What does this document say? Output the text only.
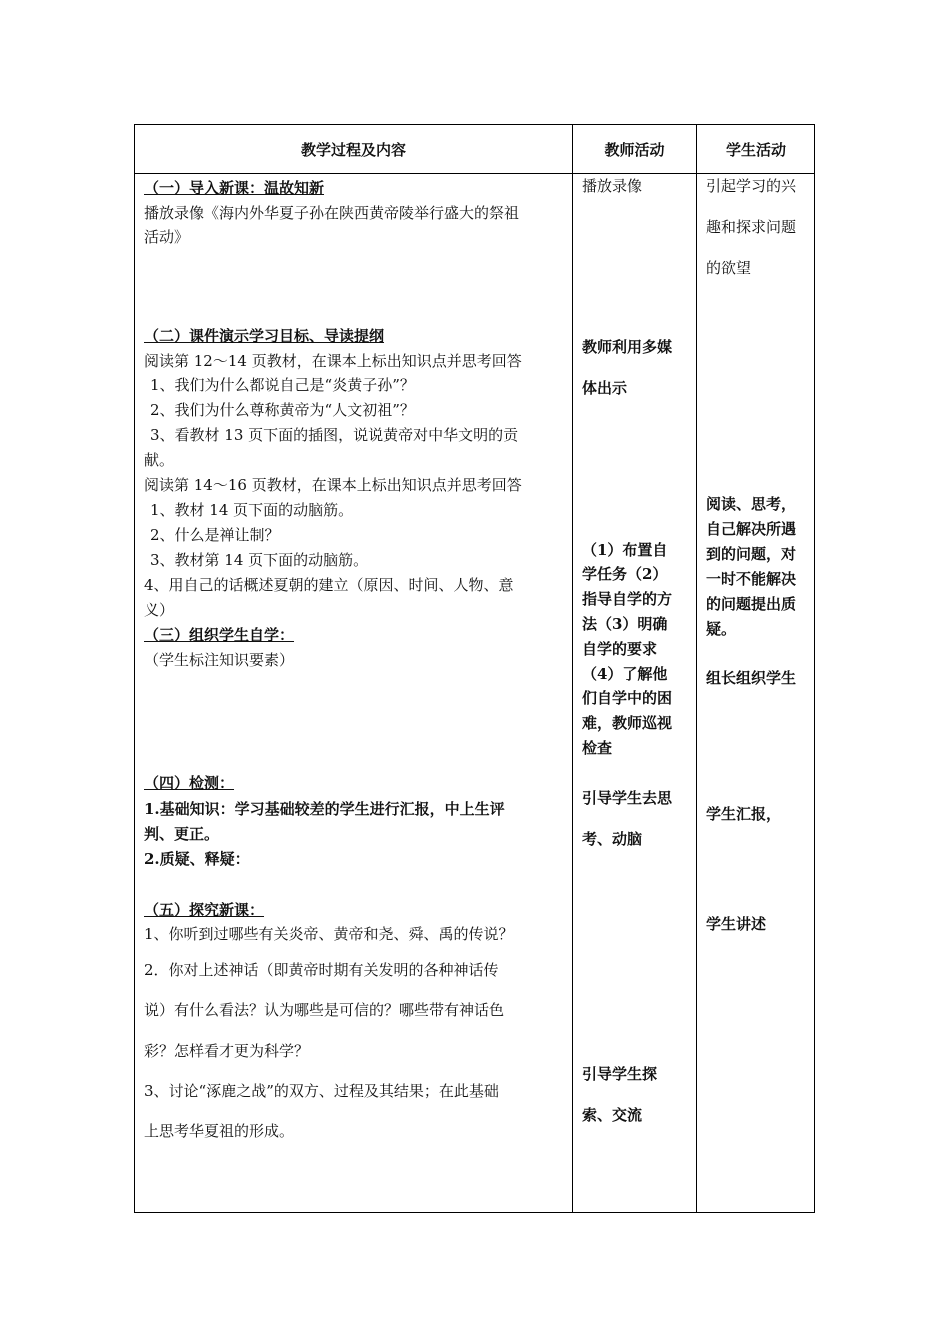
教学过程及内容	教师活动	学生活动
（一）导入新课：温故知新
播放录像《海内外华夏子孙在陕西黄帝陵举行盛大的祭祖
活动》
（二）课件演示学习目标、导读提纲
阅读第 12～14 页教材，在课本上标出知识点并思考回答
1、我们为什么都说自己是“炎黄子孙”？
2、我们为什么尊称黄帝为“人文初祖”？
3、看教材 13 页下面的插图，说说黄帝对中华文明的贡
献。
阅读第 14～16 页教材，在课本上标出知识点并思考回答
1、教材 14 页下面的动脑筋。
2、什么是禅让制？
3、教材第 14 页下面的动脑筋。
4、用自己的话概述夏朝的建立（原因、时间、人物、意
义）
（三）组织学生自学：
（学生标注知识要素）
（四）检测：
1.基础知识：学习基础较差的学生进行汇报，中上生评
判、更正。
2.质疑、释疑：
（五）探究新课：
1、你听到过哪些有关炎帝、黄帝和尧、舜、禹的传说？
2．你对上述神话（即黄帝时期有关发明的各种神话传
说）有什么看法？认为哪些是可信的？哪些带有神话色
彩？怎样看才更为科学？
3、讨论“涿鹿之战”的双方、过程及其结果；在此基础
上思考华夏祖的形成。
播放录像
教师利用多媒
体出示
（1）布置自
学任务（2）
指导自学的方
法（3）明确
自学的要求
（4）了解他
们自学中的困
难，教师巡视
检查
引导学生去思
考、动脑
引导学生探
索、交流
引起学习的兴
趣和探求问题
的欲望
阅读、思考，
自己解决所遇
到的问题，对
一时不能解决
的问题提出质
疑。
组长组织学生
学生汇报，
学生讲述
